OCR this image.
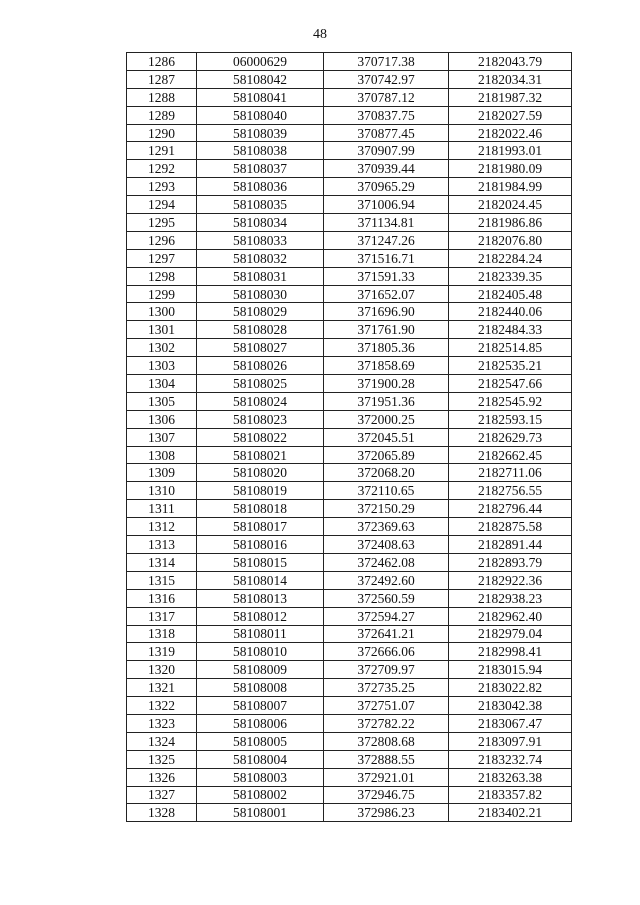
48
1286	06000629	370717.38	2182043.79
1287	58108042	370742.97	2182034.31
1288	58108041	370787.12	2181987.32
1289	58108040	370837.75	2182027.59
1290	58108039	370877.45	2182022.46
1291	58108038	370907.99	2181993.01
1292	58108037	370939.44	2181980.09
1293	58108036	370965.29	2181984.99
1294	58108035	371006.94	2182024.45
1295	58108034	371134.81	2181986.86
1296	58108033	371247.26	2182076.80
1297	58108032	371516.71	2182284.24
1298	58108031	371591.33	2182339.35
1299	58108030	371652.07	2182405.48
1300	58108029	371696.90	2182440.06
1301	58108028	371761.90	2182484.33
1302	58108027	371805.36	2182514.85
1303	58108026	371858.69	2182535.21
1304	58108025	371900.28	2182547.66
1305	58108024	371951.36	2182545.92
1306	58108023	372000.25	2182593.15
1307	58108022	372045.51	2182629.73
1308	58108021	372065.89	2182662.45
1309	58108020	372068.20	2182711.06
1310	58108019	372110.65	2182756.55
1311	58108018	372150.29	2182796.44
1312	58108017	372369.63	2182875.58
1313	58108016	372408.63	2182891.44
1314	58108015	372462.08	2182893.79
1315	58108014	372492.60	2182922.36
1316	58108013	372560.59	2182938.23
1317	58108012	372594.27	2182962.40
1318	58108011	372641.21	2182979.04
1319	58108010	372666.06	2182998.41
1320	58108009	372709.97	2183015.94
1321	58108008	372735.25	2183022.82
1322	58108007	372751.07	2183042.38
1323	58108006	372782.22	2183067.47
1324	58108005	372808.68	2183097.91
1325	58108004	372888.55	2183232.74
1326	58108003	372921.01	2183263.38
1327	58108002	372946.75	2183357.82
1328	58108001	372986.23	2183402.21
